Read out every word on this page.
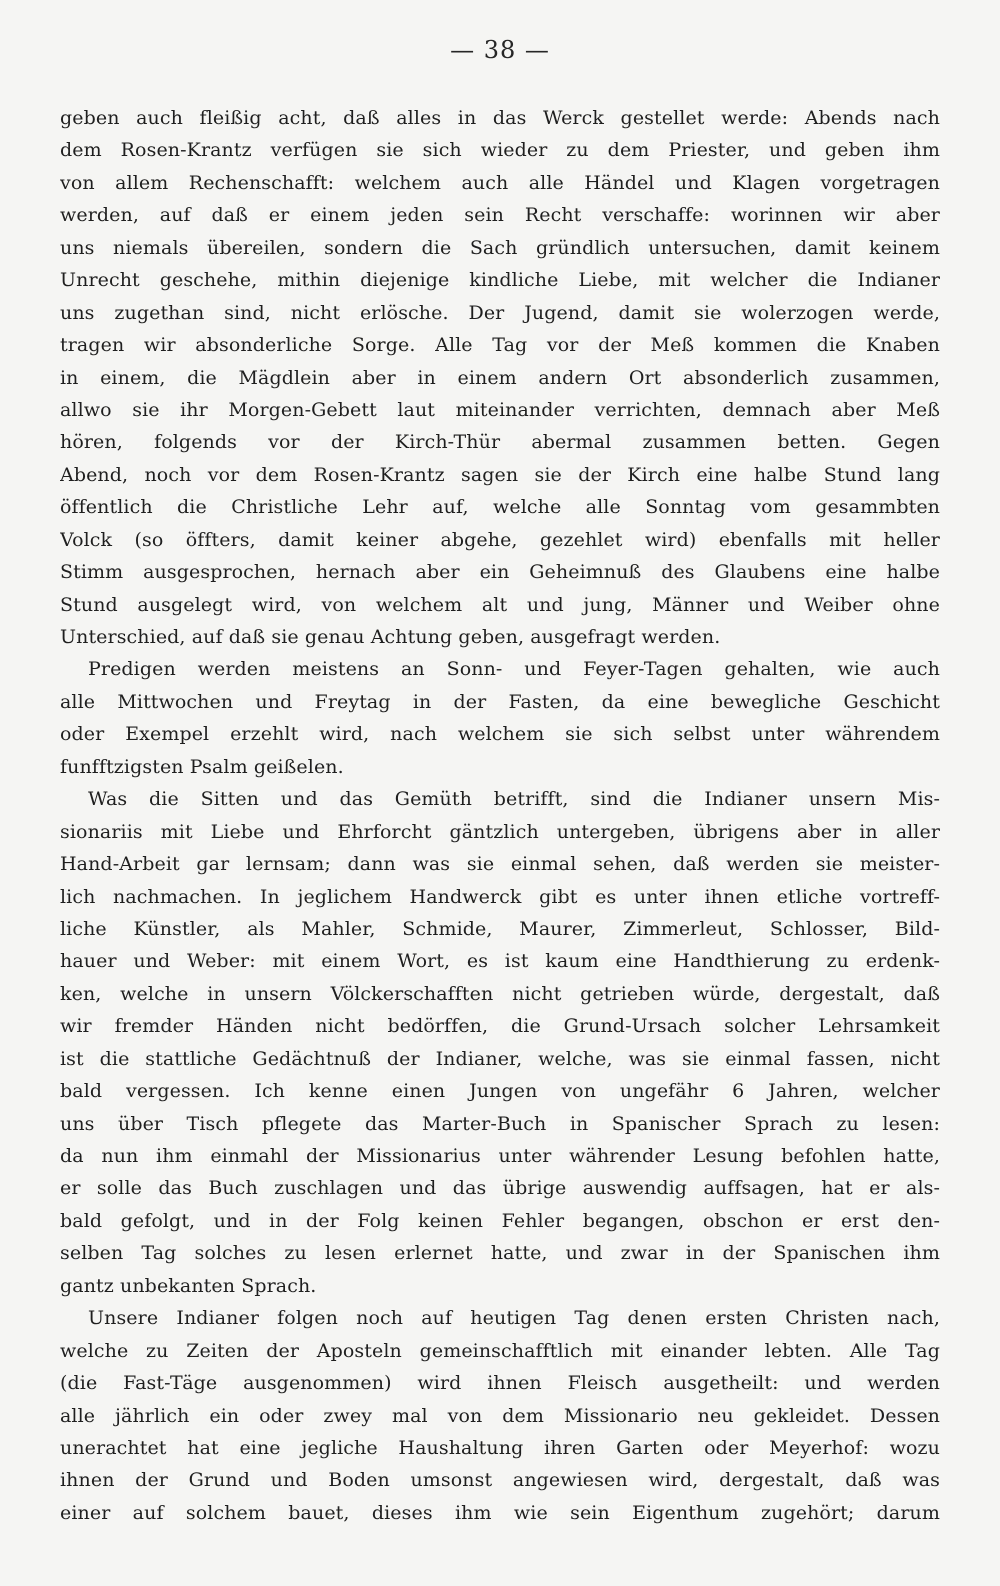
— 38 —
geben auch fleißig acht, daß alles in das Werck gestellet werde: Abends nach
dem Rosen-Krantz verfügen sie sich wieder zu dem Priester, und geben ihm
von allem Rechenschafft: welchem auch alle Händel und Klagen vorgetragen
werden, auf daß er einem jeden sein Recht verschaffe: worinnen wir aber
uns niemals übereilen, sondern die Sach gründlich untersuchen, damit keinem
Unrecht geschehe, mithin diejenige kindliche Liebe, mit welcher die Indianer
uns zugethan sind, nicht erlösche. Der Jugend, damit sie wolerzogen werde,
tragen wir absonderliche Sorge. Alle Tag vor der Meß kommen die Knaben
in einem, die Mägdlein aber in einem andern Ort absonderlich zusammen,
allwo sie ihr Morgen-Gebett laut miteinander verrichten, demnach aber Meß
hören, folgends vor der Kirch-Thür abermal zusammen betten. Gegen
Abend, noch vor dem Rosen-Krantz sagen sie der Kirch eine halbe Stund lang
öffentlich die Christliche Lehr auf, welche alle Sonntag vom gesammbten
Volck (so öffters, damit keiner abgehe, gezehlet wird) ebenfalls mit heller
Stimm ausgesprochen, hernach aber ein Geheimnuß des Glaubens eine halbe
Stund ausgelegt wird, von welchem alt und jung, Männer und Weiber ohne
Unterschied, auf daß sie genau Achtung geben, ausgefragt werden.
Predigen werden meistens an Sonn- und Feyer-Tagen gehalten, wie auch
alle Mittwochen und Freytag in der Fasten, da eine bewegliche Geschicht
oder Exempel erzehlt wird, nach welchem sie sich selbst unter währendem
funfftzigsten Psalm geißelen.
Was die Sitten und das Gemüth betrifft, sind die Indianer unsern Mis-
sionariis mit Liebe und Ehrforcht gäntzlich untergeben, übrigens aber in aller
Hand-Arbeit gar lernsam; dann was sie einmal sehen, daß werden sie meister-
lich nachmachen. In jeglichem Handwerck gibt es unter ihnen etliche vortreff-
liche Künstler, als Mahler, Schmide, Maurer, Zimmerleut, Schlosser, Bild-
hauer und Weber: mit einem Wort, es ist kaum eine Handthierung zu erdenk-
ken, welche in unsern Völckerschafften nicht getrieben würde, dergestalt, daß
wir fremder Händen nicht bedörffen, die Grund-Ursach solcher Lehrsamkeit
ist die stattliche Gedächtnuß der Indianer, welche, was sie einmal fassen, nicht
bald vergessen. Ich kenne einen Jungen von ungefähr 6 Jahren, welcher
uns über Tisch pflegete das Marter-Buch in Spanischer Sprach zu lesen:
da nun ihm einmahl der Missionarius unter währender Lesung befohlen hatte,
er solle das Buch zuschlagen und das übrige auswendig auffsagen, hat er als-
bald gefolgt, und in der Folg keinen Fehler begangen, obschon er erst den-
selben Tag solches zu lesen erlernet hatte, und zwar in der Spanischen ihm
gantz unbekanten Sprach.
Unsere Indianer folgen noch auf heutigen Tag denen ersten Christen nach,
welche zu Zeiten der Aposteln gemeinschafftlich mit einander lebten. Alle Tag
(die Fast-Täge ausgenommen) wird ihnen Fleisch ausgetheilt: und werden
alle jährlich ein oder zwey mal von dem Missionario neu gekleidet. Dessen
unerachtet hat eine jegliche Haushaltung ihren Garten oder Meyerhof: wozu
ihnen der Grund und Boden umsonst angewiesen wird, dergestalt, daß was
einer auf solchem bauet, dieses ihm wie sein Eigenthum zugehört; darum
